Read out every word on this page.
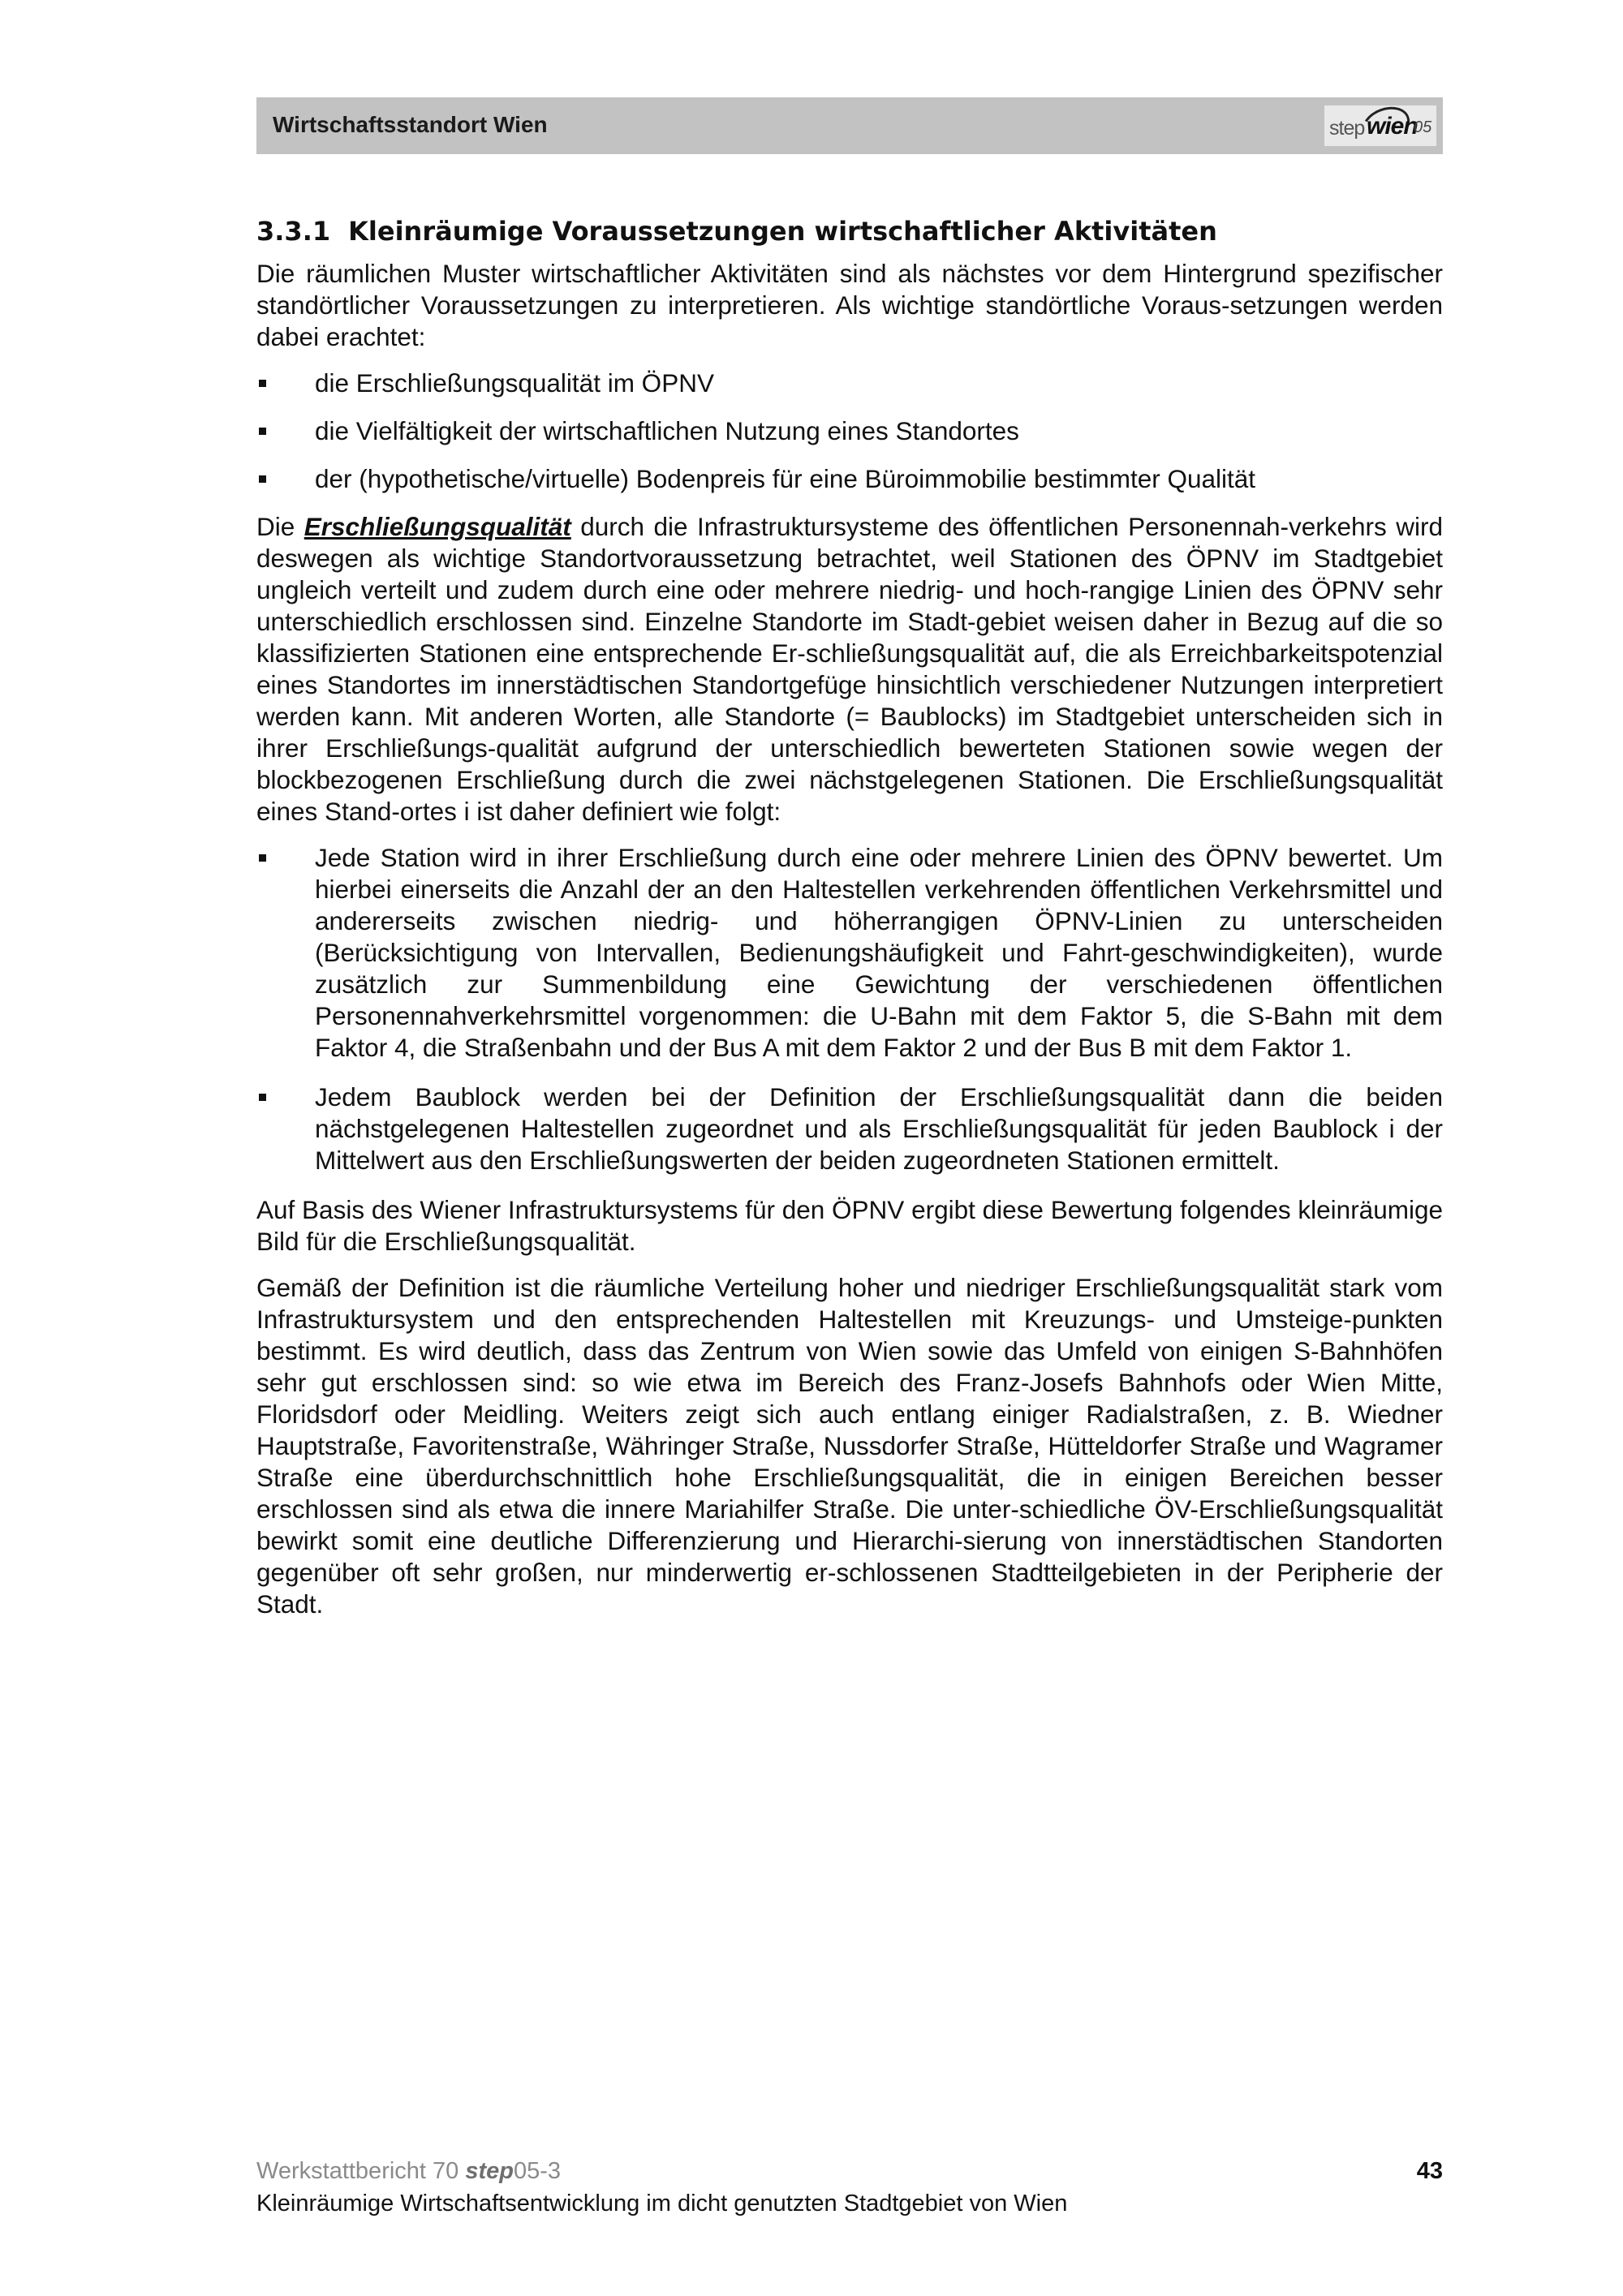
Wirtschaftsstandort Wien	step wien
05
3.3.1 Kleinräumige Voraussetzungen wirtschaftlicher Aktivitäten

Die räumlichen Muster wirtschaftlicher Aktivitäten sind als nächstes vor dem Hintergrund spezifischer standörtlicher Voraussetzungen zu interpretieren. Als wichtige standörtliche Voraus-setzungen werden dabei erachtet:

die Erschließungsqualität im ÖPNV
die Vielfältigkeit der wirtschaftlichen Nutzung eines Standortes
der (hypothetische/virtuelle) Bodenpreis für eine Büroimmobilie bestimmter Qualität

Die Erschließungsqualität durch die Infrastruktursysteme des öffentlichen Personennah-verkehrs wird deswegen als wichtige Standortvoraussetzung betrachtet, weil Stationen des ÖPNV im Stadtgebiet ungleich verteilt und zudem durch eine oder mehrere niedrig- und hoch-rangige Linien des ÖPNV sehr unterschiedlich erschlossen sind. Einzelne Standorte im Stadt-gebiet weisen daher in Bezug auf die so klassifizierten Stationen eine entsprechende Er-schließungsqualität auf, die als Erreichbarkeitspotenzial eines Standortes im innerstädtischen Standortgefüge hinsichtlich verschiedener Nutzungen interpretiert werden kann. Mit anderen Worten, alle Standorte (= Baublocks) im Stadtgebiet unterscheiden sich in ihrer Erschließungs-qualität aufgrund der unterschiedlich bewerteten Stationen sowie wegen der blockbezogenen Erschließung durch die zwei nächstgelegenen Stationen. Die Erschließungsqualität eines Stand-ortes i ist daher definiert wie folgt:

Jede Station wird in ihrer Erschließung durch eine oder mehrere Linien des ÖPNV bewertet. Um hierbei einerseits die Anzahl der an den Haltestellen verkehrenden öffentlichen Verkehrsmittel und andererseits zwischen niedrig- und höherrangigen ÖPNV-Linien zu unterscheiden (Berücksichtigung von Intervallen, Bedienungshäufigkeit und Fahrt-geschwindigkeiten), wurde zusätzlich zur Summenbildung eine Gewichtung der verschiedenen öffentlichen Personennahverkehrsmittel vorgenommen: die U-Bahn mit dem Faktor 5, die S-Bahn mit dem Faktor 4, die Straßenbahn und der Bus A mit dem Faktor 2 und der Bus B mit dem Faktor 1.
Jedem Baublock werden bei der Definition der Erschließungsqualität dann die beiden nächstgelegenen Haltestellen zugeordnet und als Erschließungsqualität für jeden Baublock i der Mittelwert aus den Erschließungswerten der beiden zugeordneten Stationen ermittelt.

Auf Basis des Wiener Infrastruktursystems für den ÖPNV ergibt diese Bewertung folgendes kleinräumige Bild für die Erschließungsqualität.

Gemäß der Definition ist die räumliche Verteilung hoher und niedriger Erschließungsqualität stark vom Infrastruktursystem und den entsprechenden Haltestellen mit Kreuzungs- und Umsteige-punkten bestimmt. Es wird deutlich, dass das Zentrum von Wien sowie das Umfeld von einigen S-Bahnhöfen sehr gut erschlossen sind: so wie etwa im Bereich des Franz-Josefs Bahnhofs oder Wien Mitte, Floridsdorf oder Meidling. Weiters zeigt sich auch entlang einiger Radialstraßen, z. B. Wiedner Hauptstraße, Favoritenstraße, Währinger Straße, Nussdorfer Straße, Hütteldorfer Straße und Wagramer Straße eine überdurchschnittlich hohe Erschließungsqualität, die in einigen Bereichen besser erschlossen sind als etwa die innere Mariahilfer Straße. Die unter-schiedliche ÖV-Erschließungsqualität bewirkt somit eine deutliche Differenzierung und Hierarchi-sierung von innerstädtischen Standorten gegenüber oft sehr großen, nur minderwertig er-schlossenen Stadtteilgebieten in der Peripherie der Stadt.

Werkstattbericht 70 step05-3	43
Kleinräumige Wirtschaftsentwicklung im dicht genutzten Stadtgebiet von Wien
